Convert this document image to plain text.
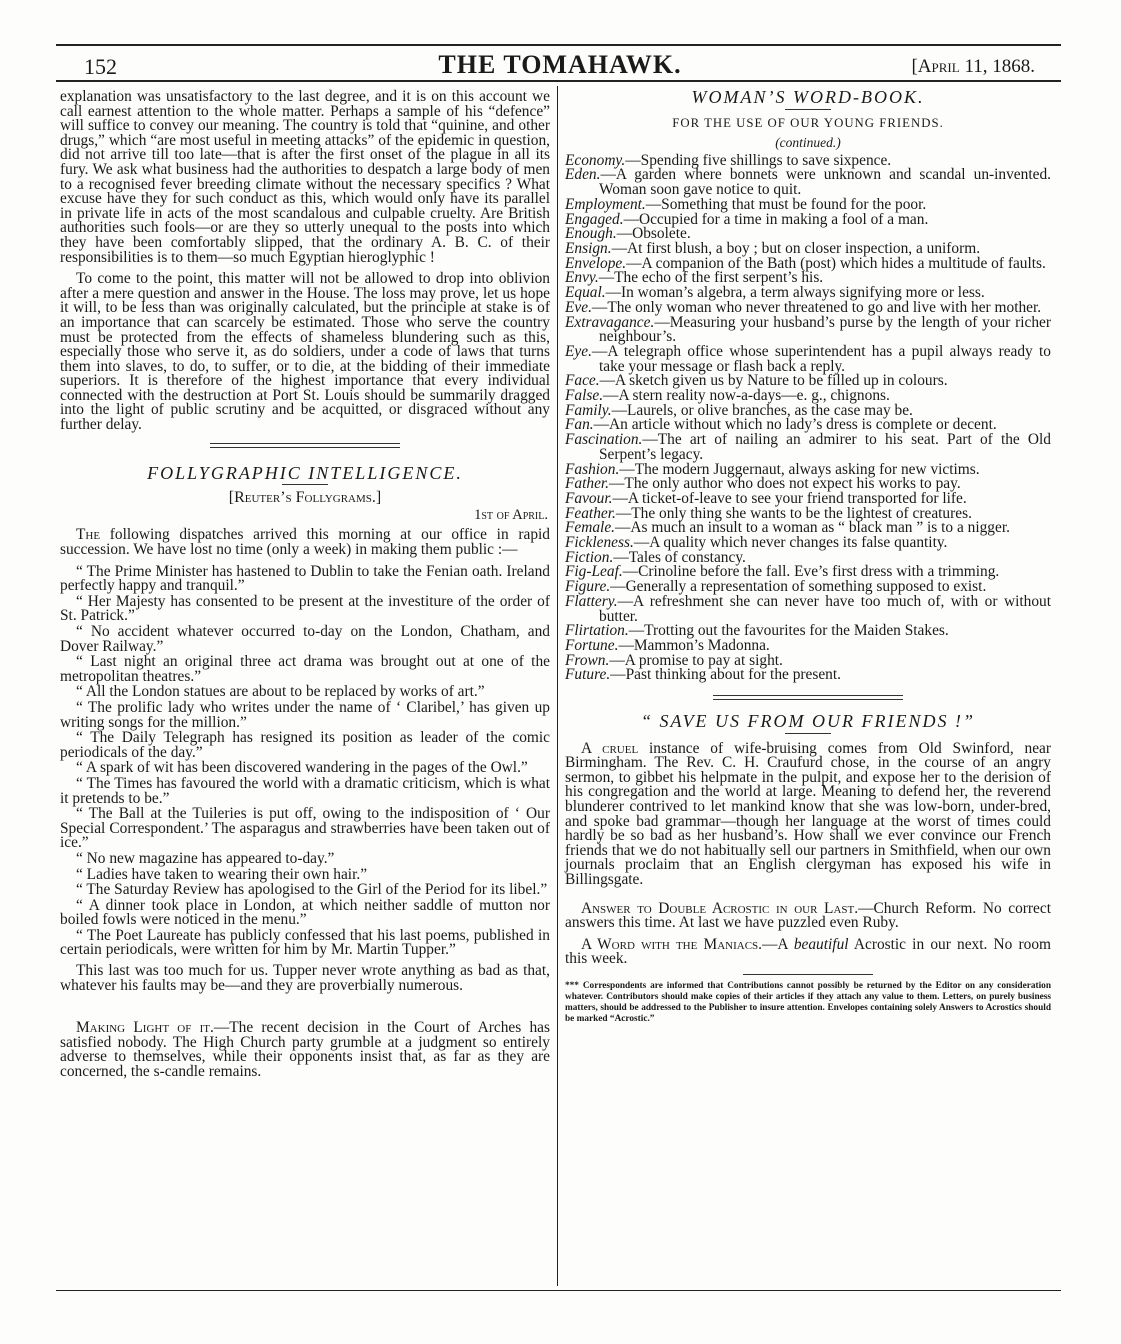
152	THE TOMAHAWK.	[April 11, 1868.

explanation was unsatisfactory to the last degree, and it is on this account we call earnest attention to the whole matter. Perhaps a sample of his “defence” will suffice to convey our meaning. The country is told that “quinine, and other drugs,” which “are most useful in meeting attacks” of the epidemic in question, did not arrive till too late—that is after the first onset of the plague in all its fury. We ask what business had the authorities to despatch a large body of men to a recognised fever breeding climate without the necessary specifics ? What excuse have they for such conduct as this, which would only have its parallel in private life in acts of the most scandalous and culpable cruelty. Are British authorities such fools—or are they so utterly unequal to the posts into which they have been comfortably slipped, that the ordinary A. B. C. of their responsibilities is to them—so much Egyptian hieroglyphic !

To come to the point, this matter will not be allowed to drop into oblivion after a mere question and answer in the House. The loss may prove, let us hope it will, to be less than was originally calculated, but the principle at stake is of an importance that can scarcely be estimated. Those who serve the country must be protected from the effects of shameless blundering such as this, especially those who serve it, as do soldiers, under a code of laws that turns them into slaves, to do, to suffer, or to die, at the bidding of their immediate superiors. It is therefore of the highest importance that every individual connected with the destruction at Port St. Louis should be summarily dragged into the light of public scrutiny and be acquitted, or disgraced without any further delay.

FOLLYGRAPHIC INTELLIGENCE.
[Reuter’s Follygrams.]
1st of April.

The following dispatches arrived this morning at our office in rapid succession. We have lost no time (only a week) in making them public :—

“ The Prime Minister has hastened to Dublin to take the Fenian oath. Ireland perfectly happy and tranquil.”

“ Her Majesty has consented to be present at the investiture of the order of St. Patrick.”

“ No accident whatever occurred to-day on the London, Chatham, and Dover Railway.”

“ Last night an original three act drama was brought out at one of the metropolitan theatres.”

“ All the London statues are about to be replaced by works of art.”

“ The prolific lady who writes under the name of ‘ Claribel,’ has given up writing songs for the million.”

“ The Daily Telegraph has resigned its position as leader of the comic periodicals of the day.”

“ A spark of wit has been discovered wandering in the pages of the Owl.”

“ The Times has favoured the world with a dramatic criticism, which is what it pretends to be.”

“ The Ball at the Tuileries is put off, owing to the indisposition of ‘ Our Special Correspondent.’ The asparagus and strawberries have been taken out of ice.”

“ No new magazine has appeared to-day.”

“ Ladies have taken to wearing their own hair.”

“ The Saturday Review has apologised to the Girl of the Period for its libel.”

“ A dinner took place in London, at which neither saddle of mutton nor boiled fowls were noticed in the menu.”

“ The Poet Laureate has publicly confessed that his last poems, published in certain periodicals, were written for him by Mr. Martin Tupper.”

This last was too much for us. Tupper never wrote anything as bad as that, whatever his faults may be—and they are proverbially numerous.

Making Light of it.—The recent decision in the Court of Arches has satisfied nobody. The High Church party grumble at a judgment so entirely adverse to themselves, while their opponents insist that, as far as they are concerned, the s-candle remains.

WOMAN’S WORD-BOOK.
FOR THE USE OF OUR YOUNG FRIENDS.
(continued.)

Economy.—Spending five shillings to save sixpence.

Eden.—A garden where bonnets were unknown and scandal un-invented. Woman soon gave notice to quit.

Employment.—Something that must be found for the poor.

Engaged.—Occupied for a time in making a fool of a man.

Enough.—Obsolete.

Ensign.—At first blush, a boy ; but on closer inspection, a uniform.

Envelope.—A companion of the Bath (post) which hides a multitude of faults.

Envy.—The echo of the first serpent’s his.

Equal.—In woman’s algebra, a term always signifying more or less.

Eve.—The only woman who never threatened to go and live with her mother.

Extravagance.—Measuring your husband’s purse by the length of your richer neighbour’s.

Eye.—A telegraph office whose superintendent has a pupil always ready to take your message or flash back a reply.

Face.—A sketch given us by Nature to be filled up in colours.

False.—A stern reality now-a-days—e. g., chignons.

Family.—Laurels, or olive branches, as the case may be.

Fan.—An article without which no lady’s dress is complete or decent.

Fascination.—The art of nailing an admirer to his seat. Part of the Old Serpent’s legacy.

Fashion.—The modern Juggernaut, always asking for new victims.

Father.—The only author who does not expect his works to pay.

Favour.—A ticket-of-leave to see your friend transported for life.

Feather.—The only thing she wants to be the lightest of creatures.

Female.—As much an insult to a woman as “ black man ” is to a nigger.

Fickleness.—A quality which never changes its false quantity.

Fiction.—Tales of constancy.

Fig-Leaf.—Crinoline before the fall. Eve’s first dress with a trimming.

Figure.—Generally a representation of something supposed to exist.

Flattery.—A refreshment she can never have too much of, with or without butter.

Flirtation.—Trotting out the favourites for the Maiden Stakes.

Fortune.—Mammon’s Madonna.

Frown.—A promise to pay at sight.

Future.—Past thinking about for the present.

“ SAVE US FROM OUR FRIENDS !”

A cruel instance of wife-bruising comes from Old Swinford, near Birmingham. The Rev. C. H. Craufurd chose, in the course of an angry sermon, to gibbet his helpmate in the pulpit, and expose her to the derision of his congregation and the world at large. Meaning to defend her, the reverend blunderer contrived to let mankind know that she was low-born, under-bred, and spoke bad grammar—though her language at the worst of times could hardly be so bad as her husband’s. How shall we ever convince our French friends that we do not habitually sell our partners in Smithfield, when our own journals proclaim that an English clergyman has exposed his wife in Billingsgate.

Answer to Double Acrostic in our Last.—Church Reform. No correct answers this time. At last we have puzzled even Ruby.

A Word with the Maniacs.—A beautiful Acrostic in our next. No room this week.

*** Correspondents are informed that Contributions cannot possibly be returned by the Editor on any consideration whatever. Contributors should make copies of their articles if they attach any value to them. Letters, on purely business matters, should be addressed to the Publisher to insure attention. Envelopes containing solely Answers to Acrostics should be marked “Acrostic.”
